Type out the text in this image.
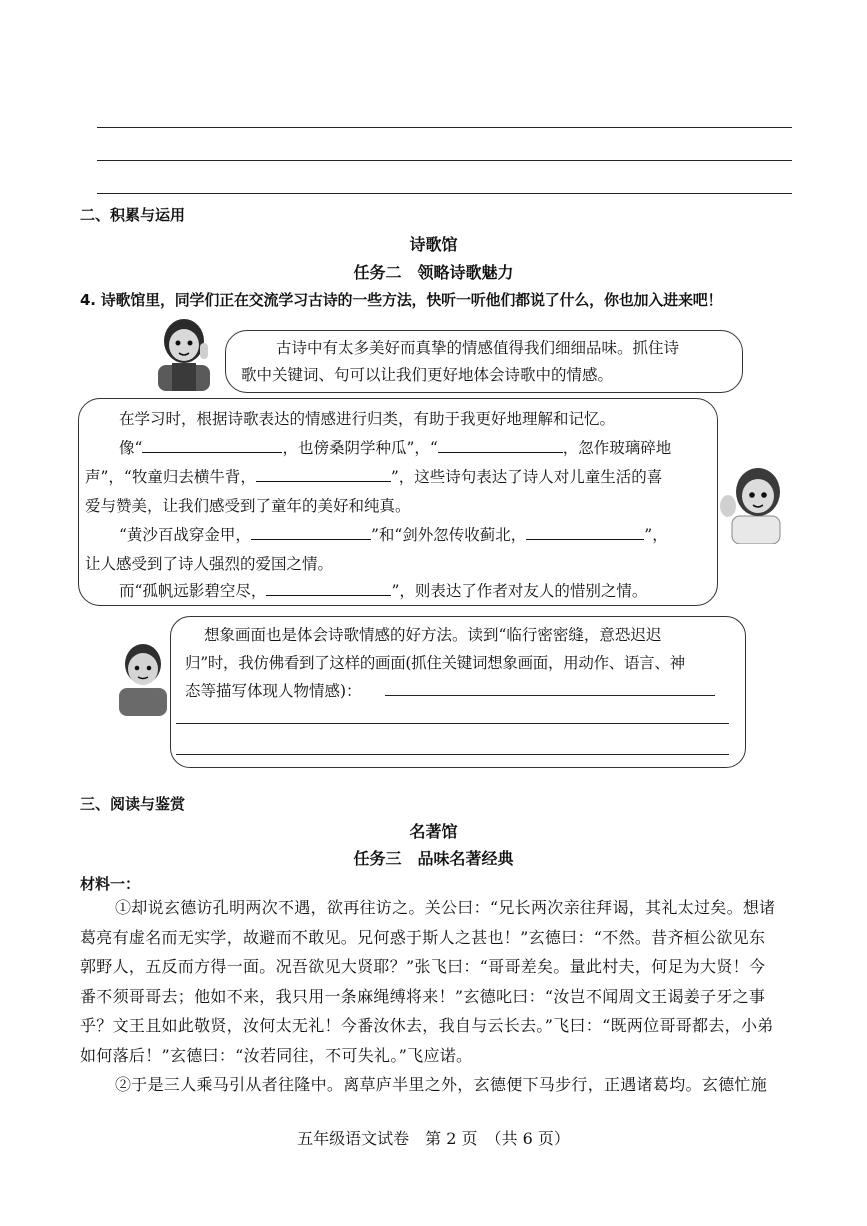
二、积累与运用
诗歌馆
任务二　领略诗歌魅力
4. 诗歌馆里，同学们正在交流学习古诗的一些方法，快听一听他们都说了什么，你也加入进来吧！
古诗中有太多美好而真挚的情感值得我们细细品味。抓住诗
歌中关键词、句可以让我们更好地体会诗歌中的情感。
在学习时，根据诗歌表达的情感进行归类，有助于我更好地理解和记忆。
像“	，也傍桑阴学种瓜”，“	，忽作玻璃碎地
声”，“牧童归去横牛背，	”，这些诗句表达了诗人对儿童生活的喜
爱与赞美，让我们感受到了童年的美好和纯真。
“黄沙百战穿金甲，	”和“剑外忽传收蓟北，	”，
让人感受到了诗人强烈的爱国之情。
而“孤帆远影碧空尽，	”，则表达了作者对友人的惜别之情。
想象画面也是体会诗歌情感的好方法。读到“临行密密缝，意恐迟迟
归”时，我仿佛看到了这样的画面(抓住关键词想象画面，用动作、语言、神
态等描写体现人物情感)：
三、阅读与鉴赏
名著馆
任务三　品味名著经典
材料一：
①却说玄德访孔明两次不遇，欲再往访之。关公曰：“兄长两次亲往拜谒，其礼太过矣。想诸
葛亮有虚名而无实学，故避而不敢见。兄何惑于斯人之甚也！”玄德曰：“不然。昔齐桓公欲见东
郭野人，五反而方得一面。况吾欲见大贤耶？”张飞曰：“哥哥差矣。量此村夫，何足为大贤！今
番不须哥哥去；他如不来，我只用一条麻绳缚将来！”玄德叱曰：“汝岂不闻周文王谒姜子牙之事
乎？文王且如此敬贤，汝何太无礼！今番汝休去，我自与云长去。”飞曰：“既两位哥哥都去，小弟
如何落后！”玄德曰：“汝若同往，不可失礼。”飞应诺。
②于是三人乘马引从者往隆中。离草庐半里之外，玄德便下马步行，正遇诸葛均。玄德忙施
五年级语文试卷　第 2 页　（共 6 页）
